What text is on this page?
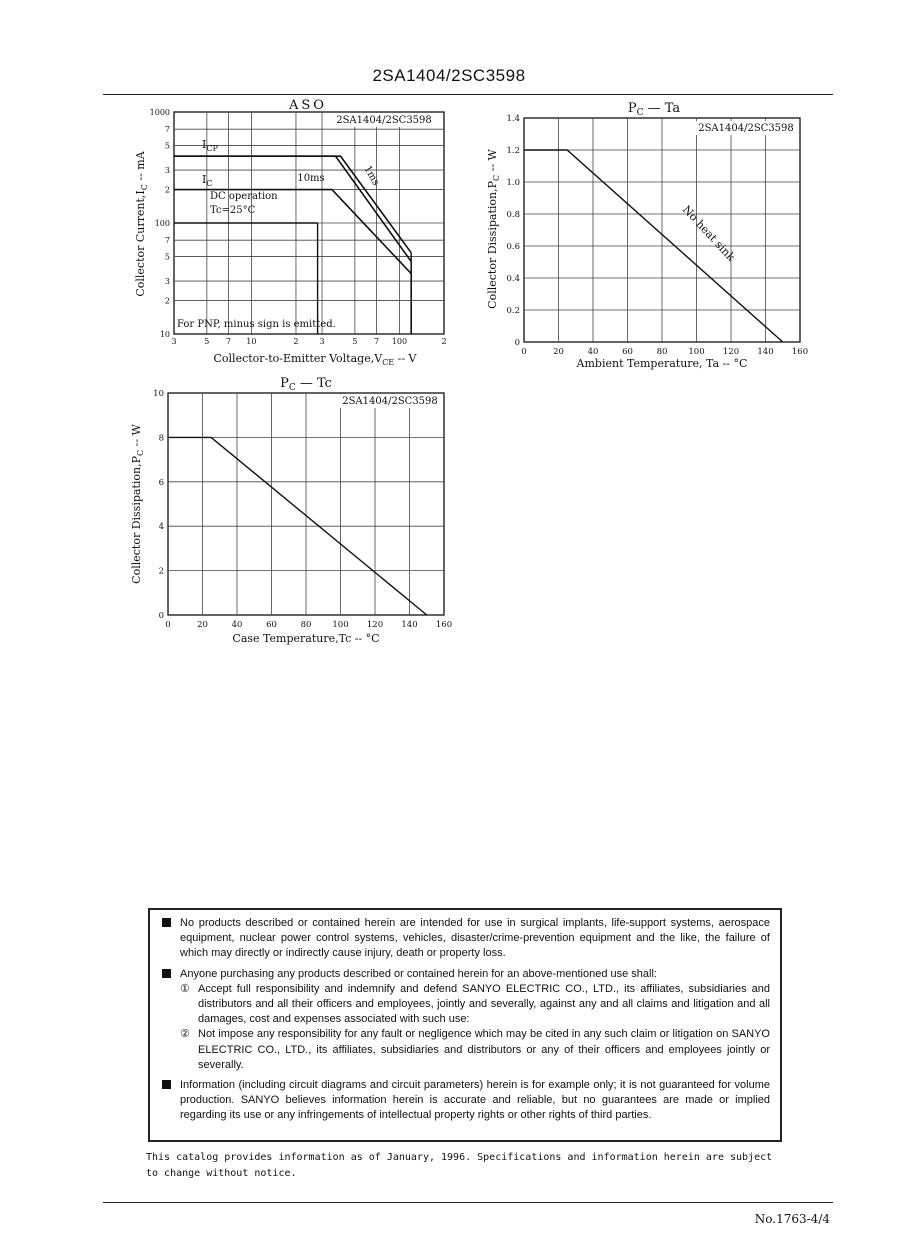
2SA1404/2SC3598
ASO
2SA1404/2SC3598
$I_{CP}$
$I_C$	10ms	1ms
DC operation
Tc=25°C
For PNP, minus sign is emitted.
3	5 7 10	2	3	5 7 100	2
1000
7
5
3
2
100
7
5
3
2
10
Collector-to-Emitter $Voltage,V_{CE}$ -- V
Collector $Current,I_C$ -- mA
$P_C$ — Ta
2SA1404/2SC3598
No heat sink
0	20	40	60	80 100 120 140 160
0
0.2
0.4
0.6
0.8
1.0
1.2
1.4
Ambient Temperature, Ta -- °C
Collector $Dissipation,P_C$ -- W
$P_C$ — Tc
2SA1404/2SC3598
0	20	40	60	80 100 120 140 160
0
2
4
6
8
10
Case Temperature,Tc -- °C
Collector $Dissipation,P_C$ -- W

No products described or contained herein are intended for use in surgical implants, life-support systems, aerospace equipment, nuclear power control systems, vehicles, disaster/crime-prevention equipment and the like, the failure of which may directly or indirectly cause injury, death or property loss.

Anyone purchasing any products described or contained herein for an above-mentioned use shall:

① Accept full responsibility and indemnify and defend SANYO ELECTRIC CO., LTD., its affiliates, subsidiaries and distributors and all their officers and employees, jointly and severally, against any and all claims and litigation and all damages, cost and expenses associated with such use:
② Not impose any responsibility for any fault or negligence which may be cited in any such claim or litigation on SANYO ELECTRIC CO., LTD., its affiliates, subsidiaries and distributors or any of their officers and employees jointly or severally.

Information (including circuit diagrams and circuit parameters) herein is for example only; it is not guaranteed for volume production. SANYO believes information herein is accurate and reliable, but no guarantees are made or implied regarding its use or any infringements of intellectual property rights or other rights of third parties.

This catalog provides information as of January, 1996. Specifications and information herein are subject to change without notice.
No.1763-4/4
